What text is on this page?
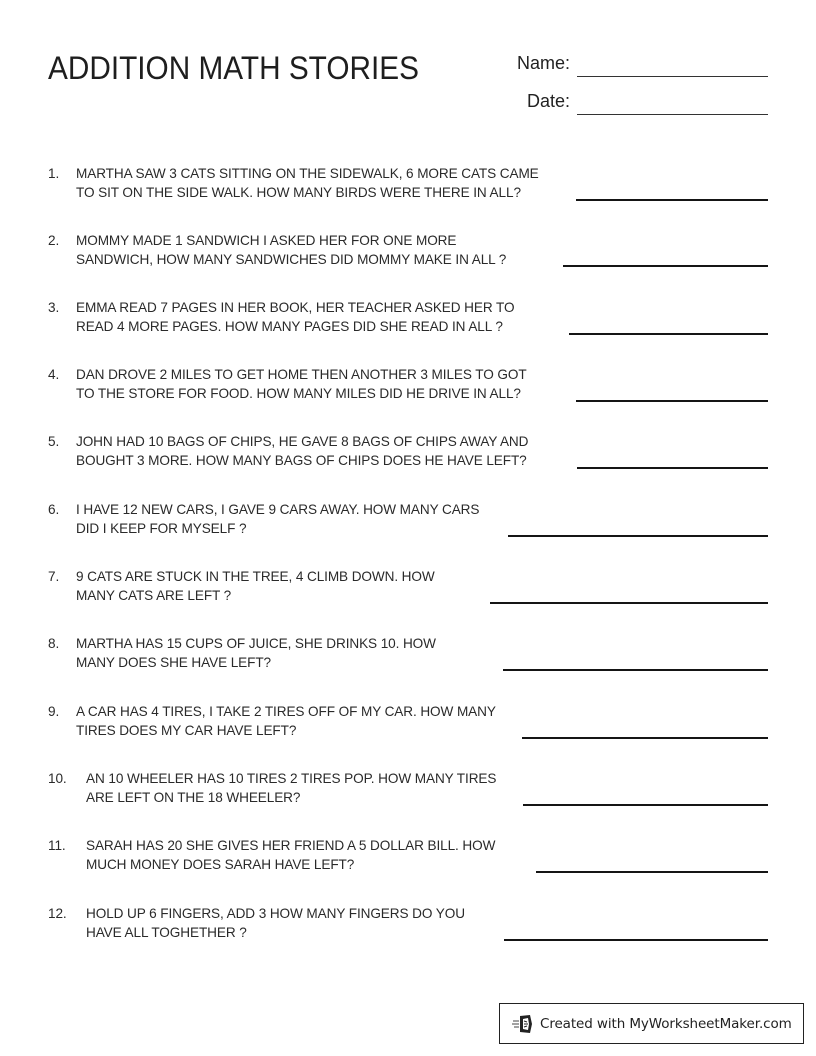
ADDITION MATH STORIES	Name:
Date:
1. MARTHA SAW 3 CATS SITTING ON THE SIDEWALK, 6 MORE CATS CAME
TO SIT ON THE SIDE WALK. HOW MANY BIRDS WERE THERE IN ALL?
2. MOMMY MADE 1 SANDWICH I ASKED HER FOR ONE MORE
SANDWICH, HOW MANY SANDWICHES DID MOMMY MAKE IN ALL ?
3. EMMA READ 7 PAGES IN HER BOOK, HER TEACHER ASKED HER TO
READ 4 MORE PAGES. HOW MANY PAGES DID SHE READ IN ALL ?
4. DAN DROVE 2 MILES TO GET HOME THEN ANOTHER 3 MILES TO GOT
TO THE STORE FOR FOOD. HOW MANY MILES DID HE DRIVE IN ALL?
5. JOHN HAD 10 BAGS OF CHIPS, HE GAVE 8 BAGS OF CHIPS AWAY AND
BOUGHT 3 MORE. HOW MANY BAGS OF CHIPS DOES HE HAVE LEFT?
6. I HAVE 12 NEW CARS, I GAVE 9 CARS AWAY. HOW MANY CARS
DID I KEEP FOR MYSELF ?
7. 9 CATS ARE STUCK IN THE TREE, 4 CLIMB DOWN. HOW
MANY CATS ARE LEFT ?
8. MARTHA HAS 15 CUPS OF JUICE, SHE DRINKS 10. HOW
MANY DOES SHE HAVE LEFT?
9. A CAR HAS 4 TIRES, I TAKE 2 TIRES OFF OF MY CAR. HOW MANY
TIRES DOES MY CAR HAVE LEFT?
10. AN 10 WHEELER HAS 10 TIRES 2 TIRES POP. HOW MANY TIRES
ARE LEFT ON THE 18 WHEELER?
11. SARAH HAS 20 SHE GIVES HER FRIEND A 5 DOLLAR BILL. HOW
MUCH MONEY DOES SARAH HAVE LEFT?
12. HOLD UP 6 FINGERS, ADD 3 HOW MANY FINGERS DO YOU
HAVE ALL TOGHETHER ?
Created with MyWorksheetMaker.com
